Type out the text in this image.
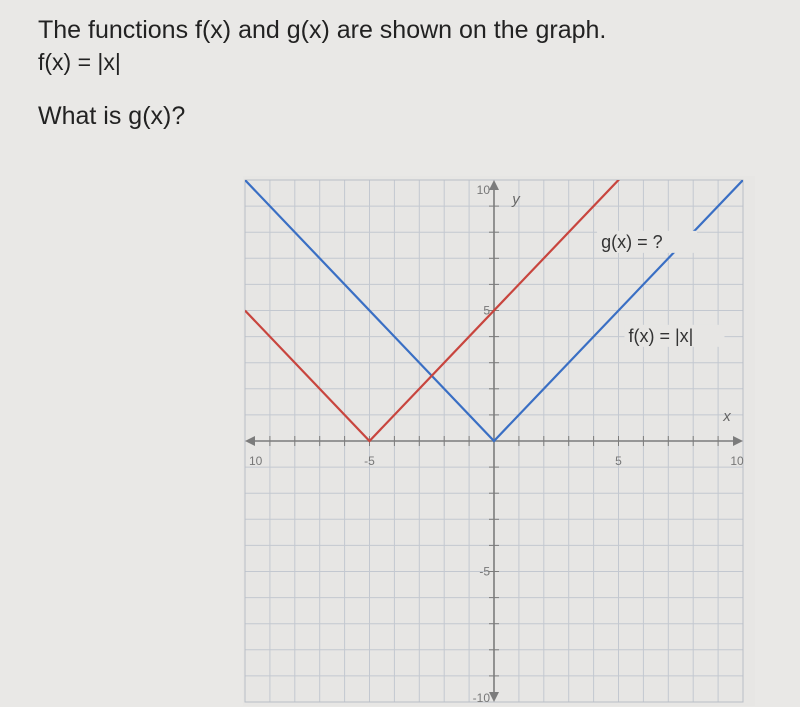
The functions f(x) and g(x) are shown on the graph.

f(x) = |x|

What is g(x)?

10	-5	5	10
10
5
-5
-10
x
y
g(x) = ?
f(x) = |x|
